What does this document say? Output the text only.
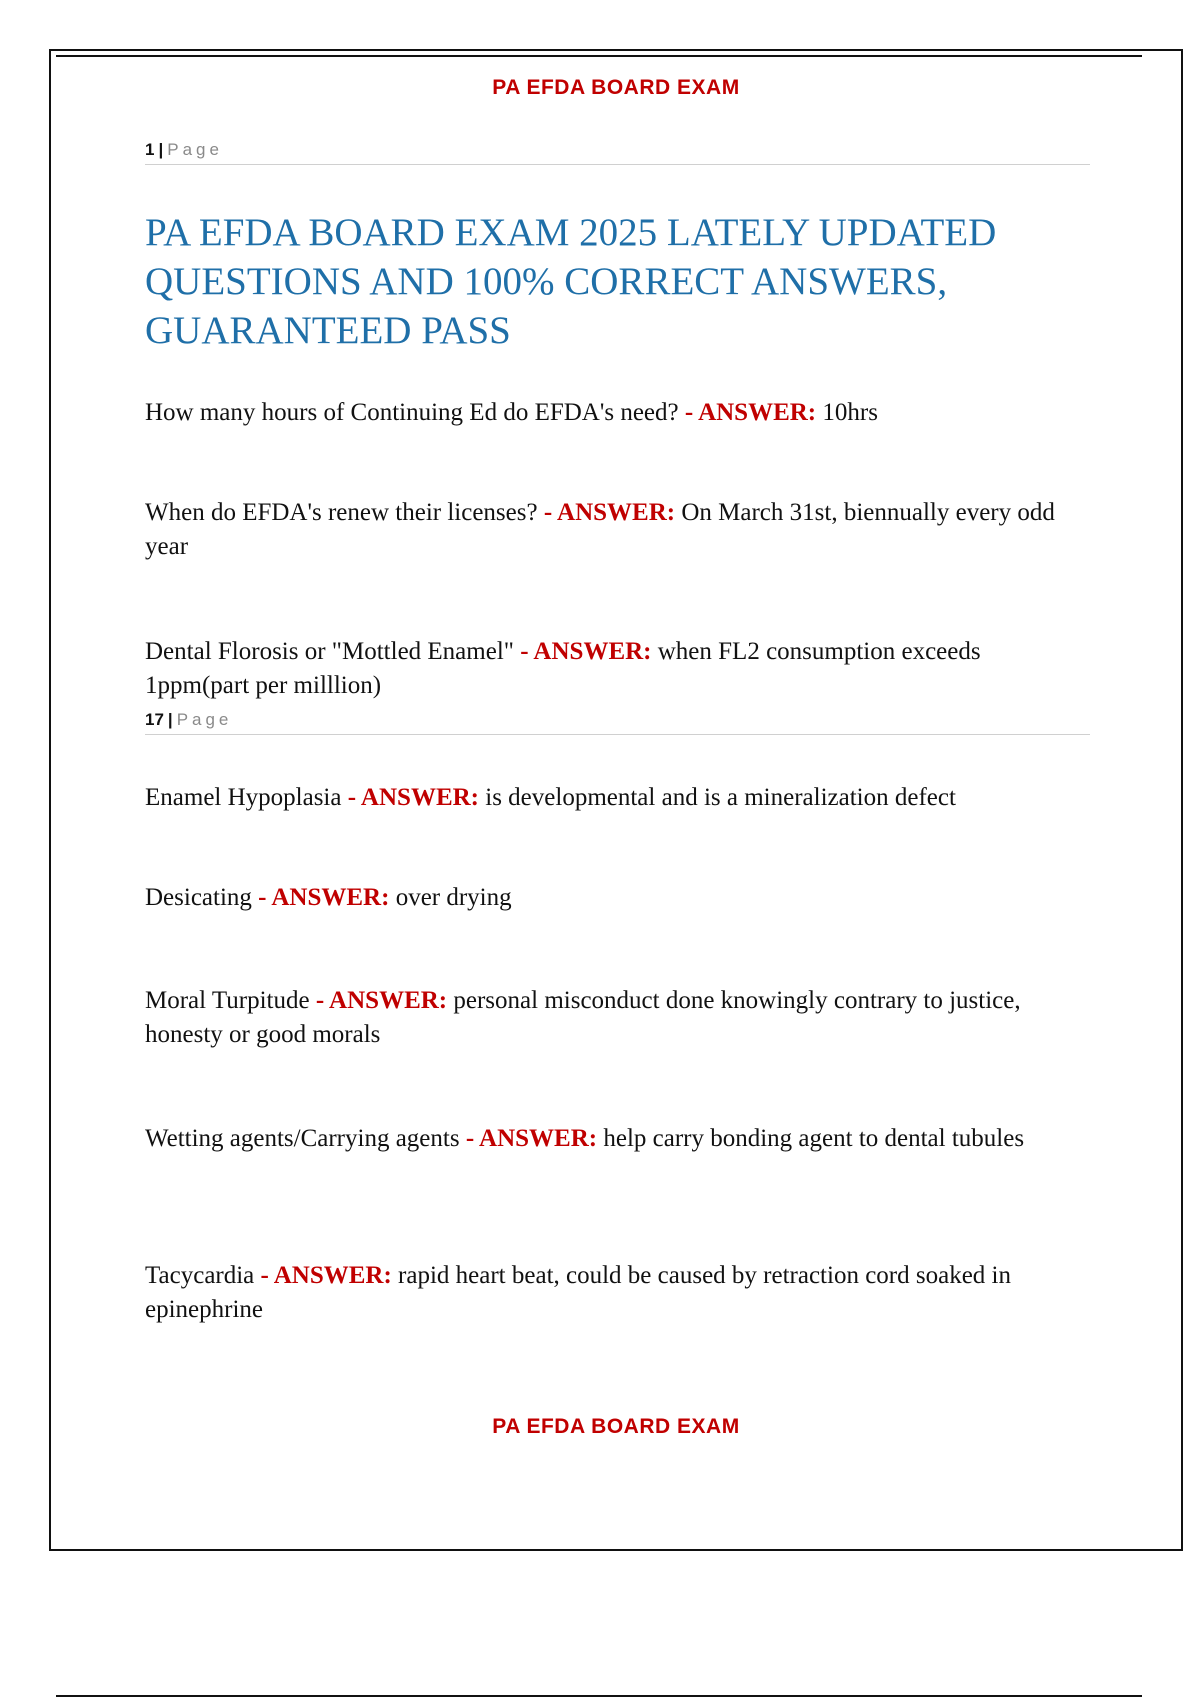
PA EFDA BOARD EXAM
1 | Page
PA EFDA BOARD EXAM 2025 LATELY UPDATED QUESTIONS AND 100% CORRECT ANSWERS, GUARANTEED PASS

How many hours of Continuing Ed do EFDA's need? - ANSWER: 10hrs

When do EFDA's renew their licenses? - ANSWER: On March 31st, biennually every odd year

Dental Florosis or "Mottled Enamel" - ANSWER: when FL2 consumption exceeds 1ppm(part per milllion)

17 | Page

Enamel Hypoplasia - ANSWER: is developmental and is a mineralization defect

Desicating - ANSWER: over drying

Moral Turpitude - ANSWER: personal misconduct done knowingly contrary to justice, honesty or good morals

Wetting agents/Carrying agents - ANSWER: help carry bonding agent to dental tubules

Tacycardia - ANSWER: rapid heart beat, could be caused by retraction cord soaked in epinephrine

PA EFDA BOARD EXAM
